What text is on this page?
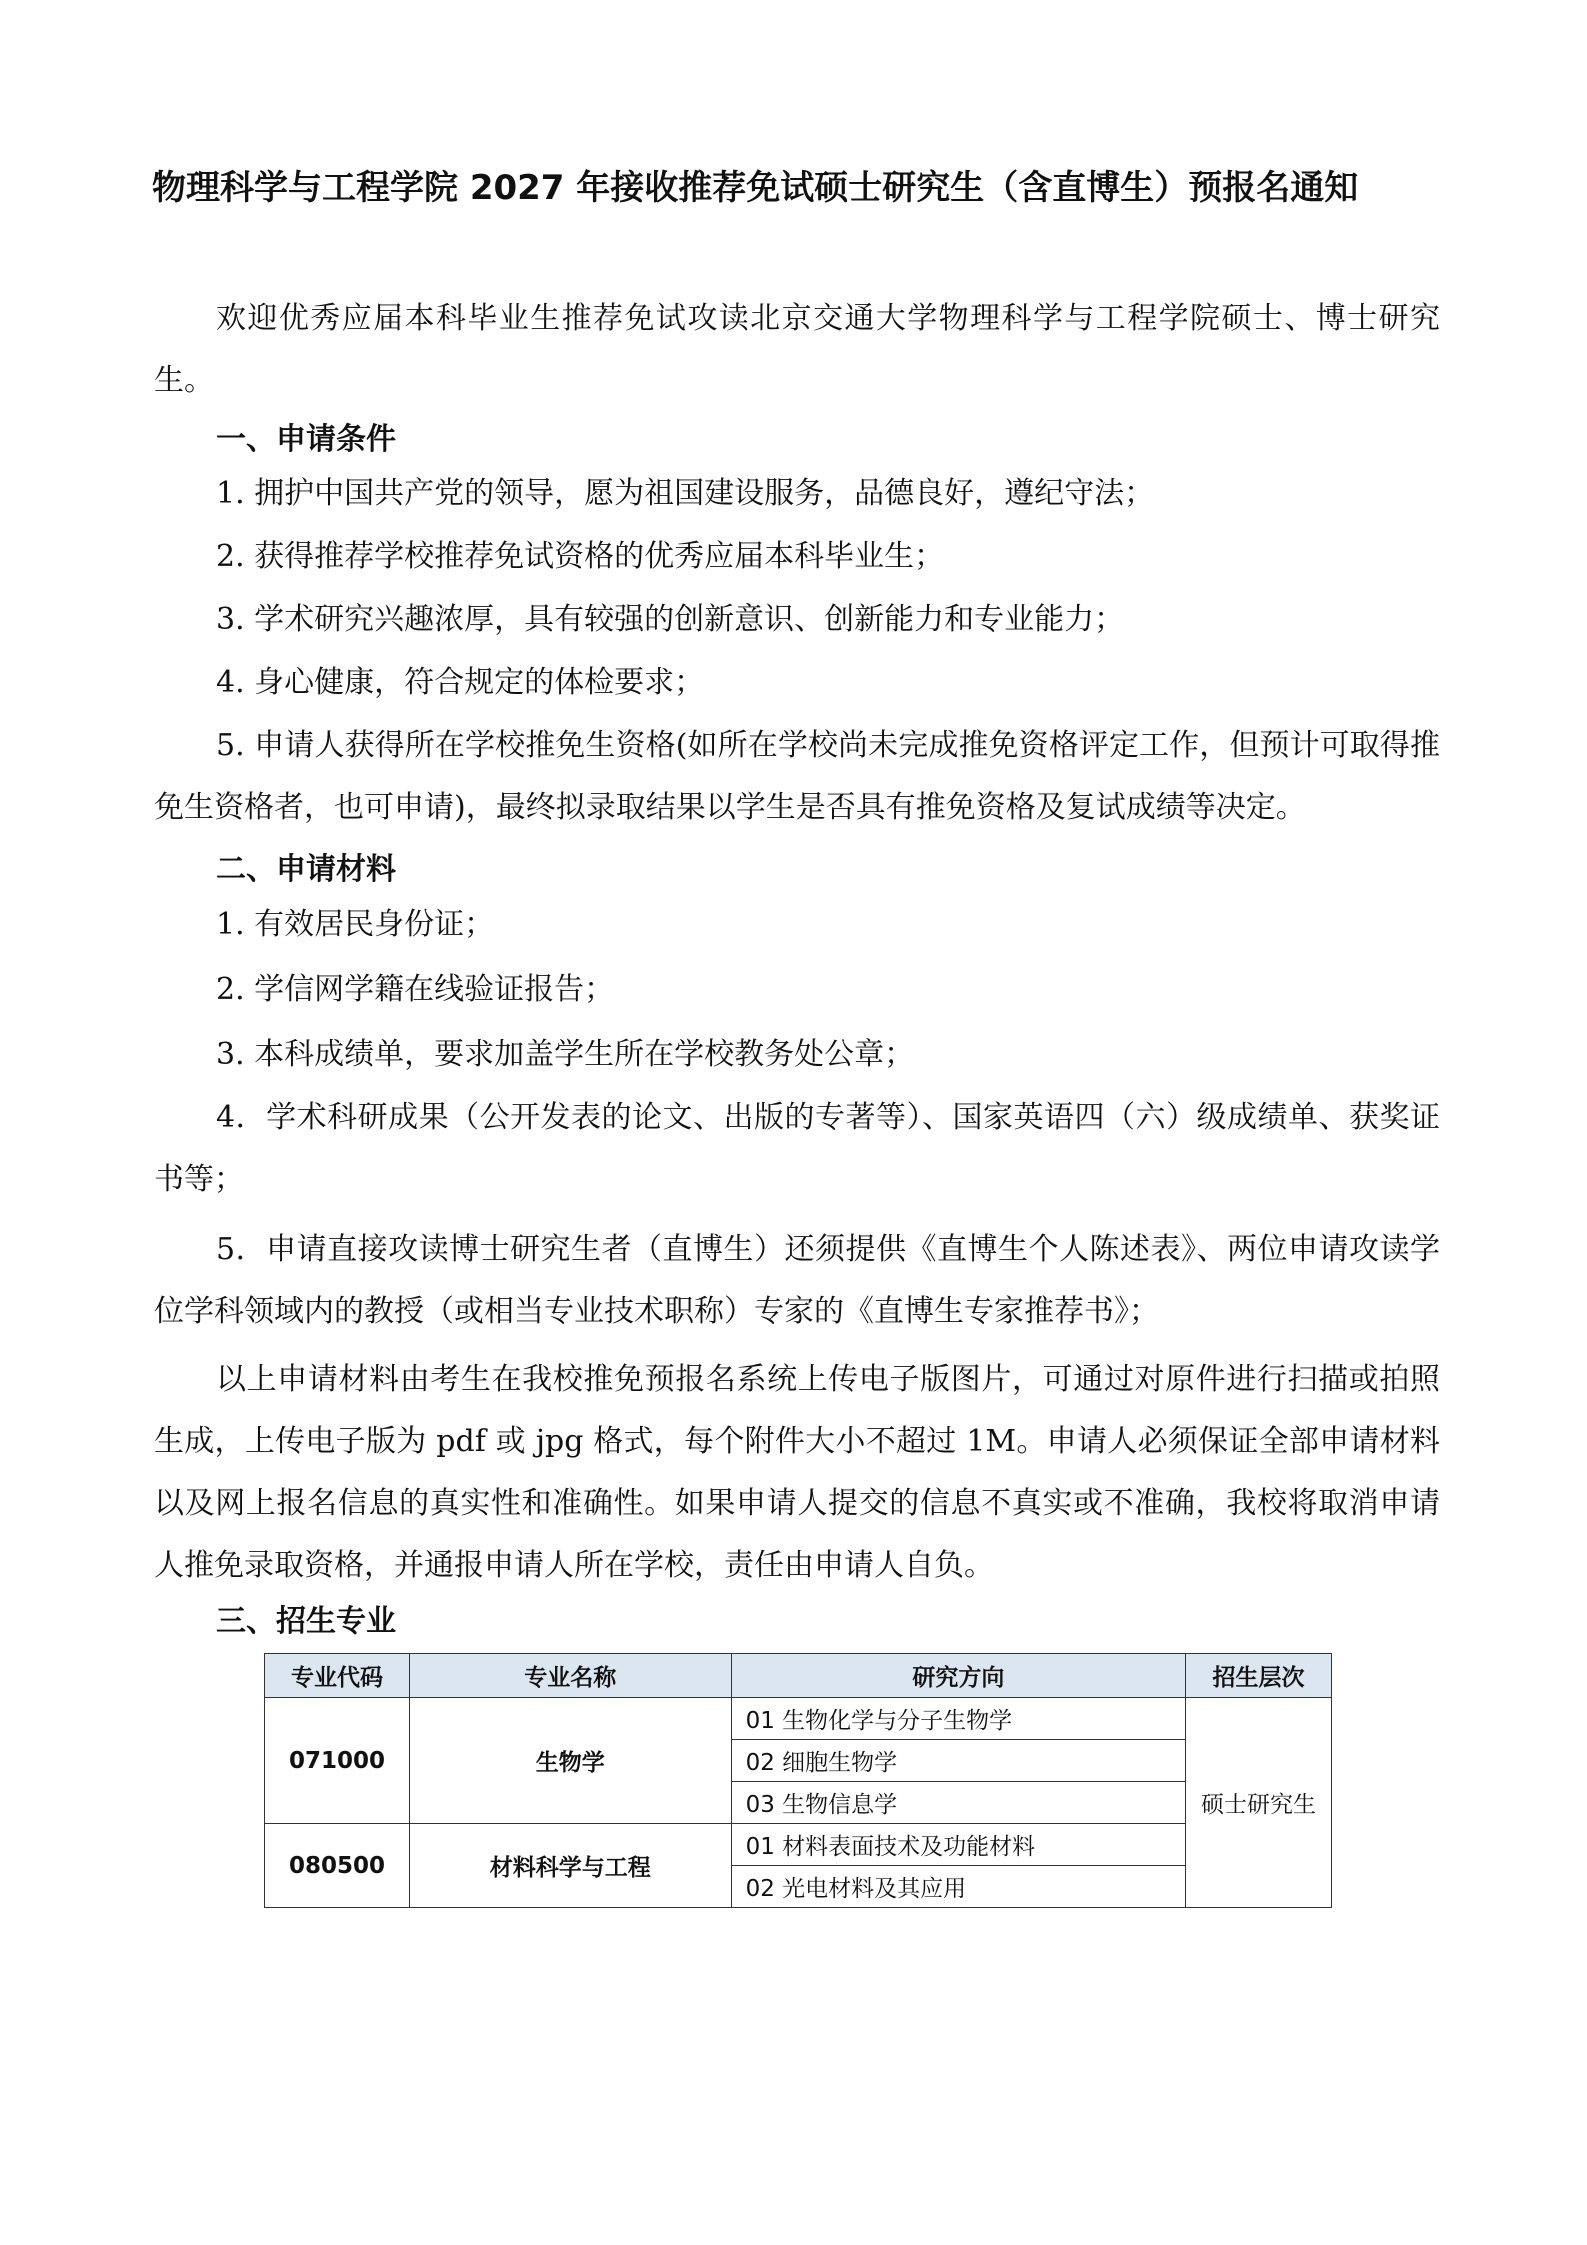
物理科学与工程学院 2027 年接收推荐免试硕士研究生（含直博生）预报名通知
欢迎优秀应届本科毕业生推荐免试攻读北京交通大学物理科学与工程学院硕士、博士研究生。
一、申请条件
1. 拥护中国共产党的领导，愿为祖国建设服务，品德良好，遵纪守法；
2. 获得推荐学校推荐免试资格的优秀应届本科毕业生；
3. 学术研究兴趣浓厚，具有较强的创新意识、创新能力和专业能力；
4. 身心健康，符合规定的体检要求；
5. 申请人获得所在学校推免生资格(如所在学校尚未完成推免资格评定工作，但预计可取得推免生资格者，也可申请)，最终拟录取结果以学生是否具有推免资格及复试成绩等决定。
二、申请材料
1. 有效居民身份证；
2. 学信网学籍在线验证报告；
3. 本科成绩单，要求加盖学生所在学校教务处公章；
4．学术科研成果（公开发表的论文、出版的专著等）、国家英语四（六）级成绩单、获奖证书等；
5．申请直接攻读博士研究生者（直博生）还须提供《直博生个人陈述表》、两位申请攻读学位学科领域内的教授（或相当专业技术职称）专家的《直博生专家推荐书》；
以上申请材料由考生在我校推免预报名系统上传电子版图片，可通过对原件进行扫描或拍照生成，上传电子版为 pdf 或 jpg 格式，每个附件大小不超过 1M。申请人必须保证全部申请材料以及网上报名信息的真实性和准确性。如果申请人提交的信息不真实或不准确，我校将取消申请人推免录取资格，并通报申请人所在学校，责任由申请人自负。
三、招生专业
专业代码	专业名称	研究方向	招生层次
071000	生物学	01 生物化学与分子生物学	硕士研究生
		02 细胞生物学	
		03 生物信息学	
080500	材料科学与工程	01 材料表面技术及功能材料	
		02 光电材料及其应用	
